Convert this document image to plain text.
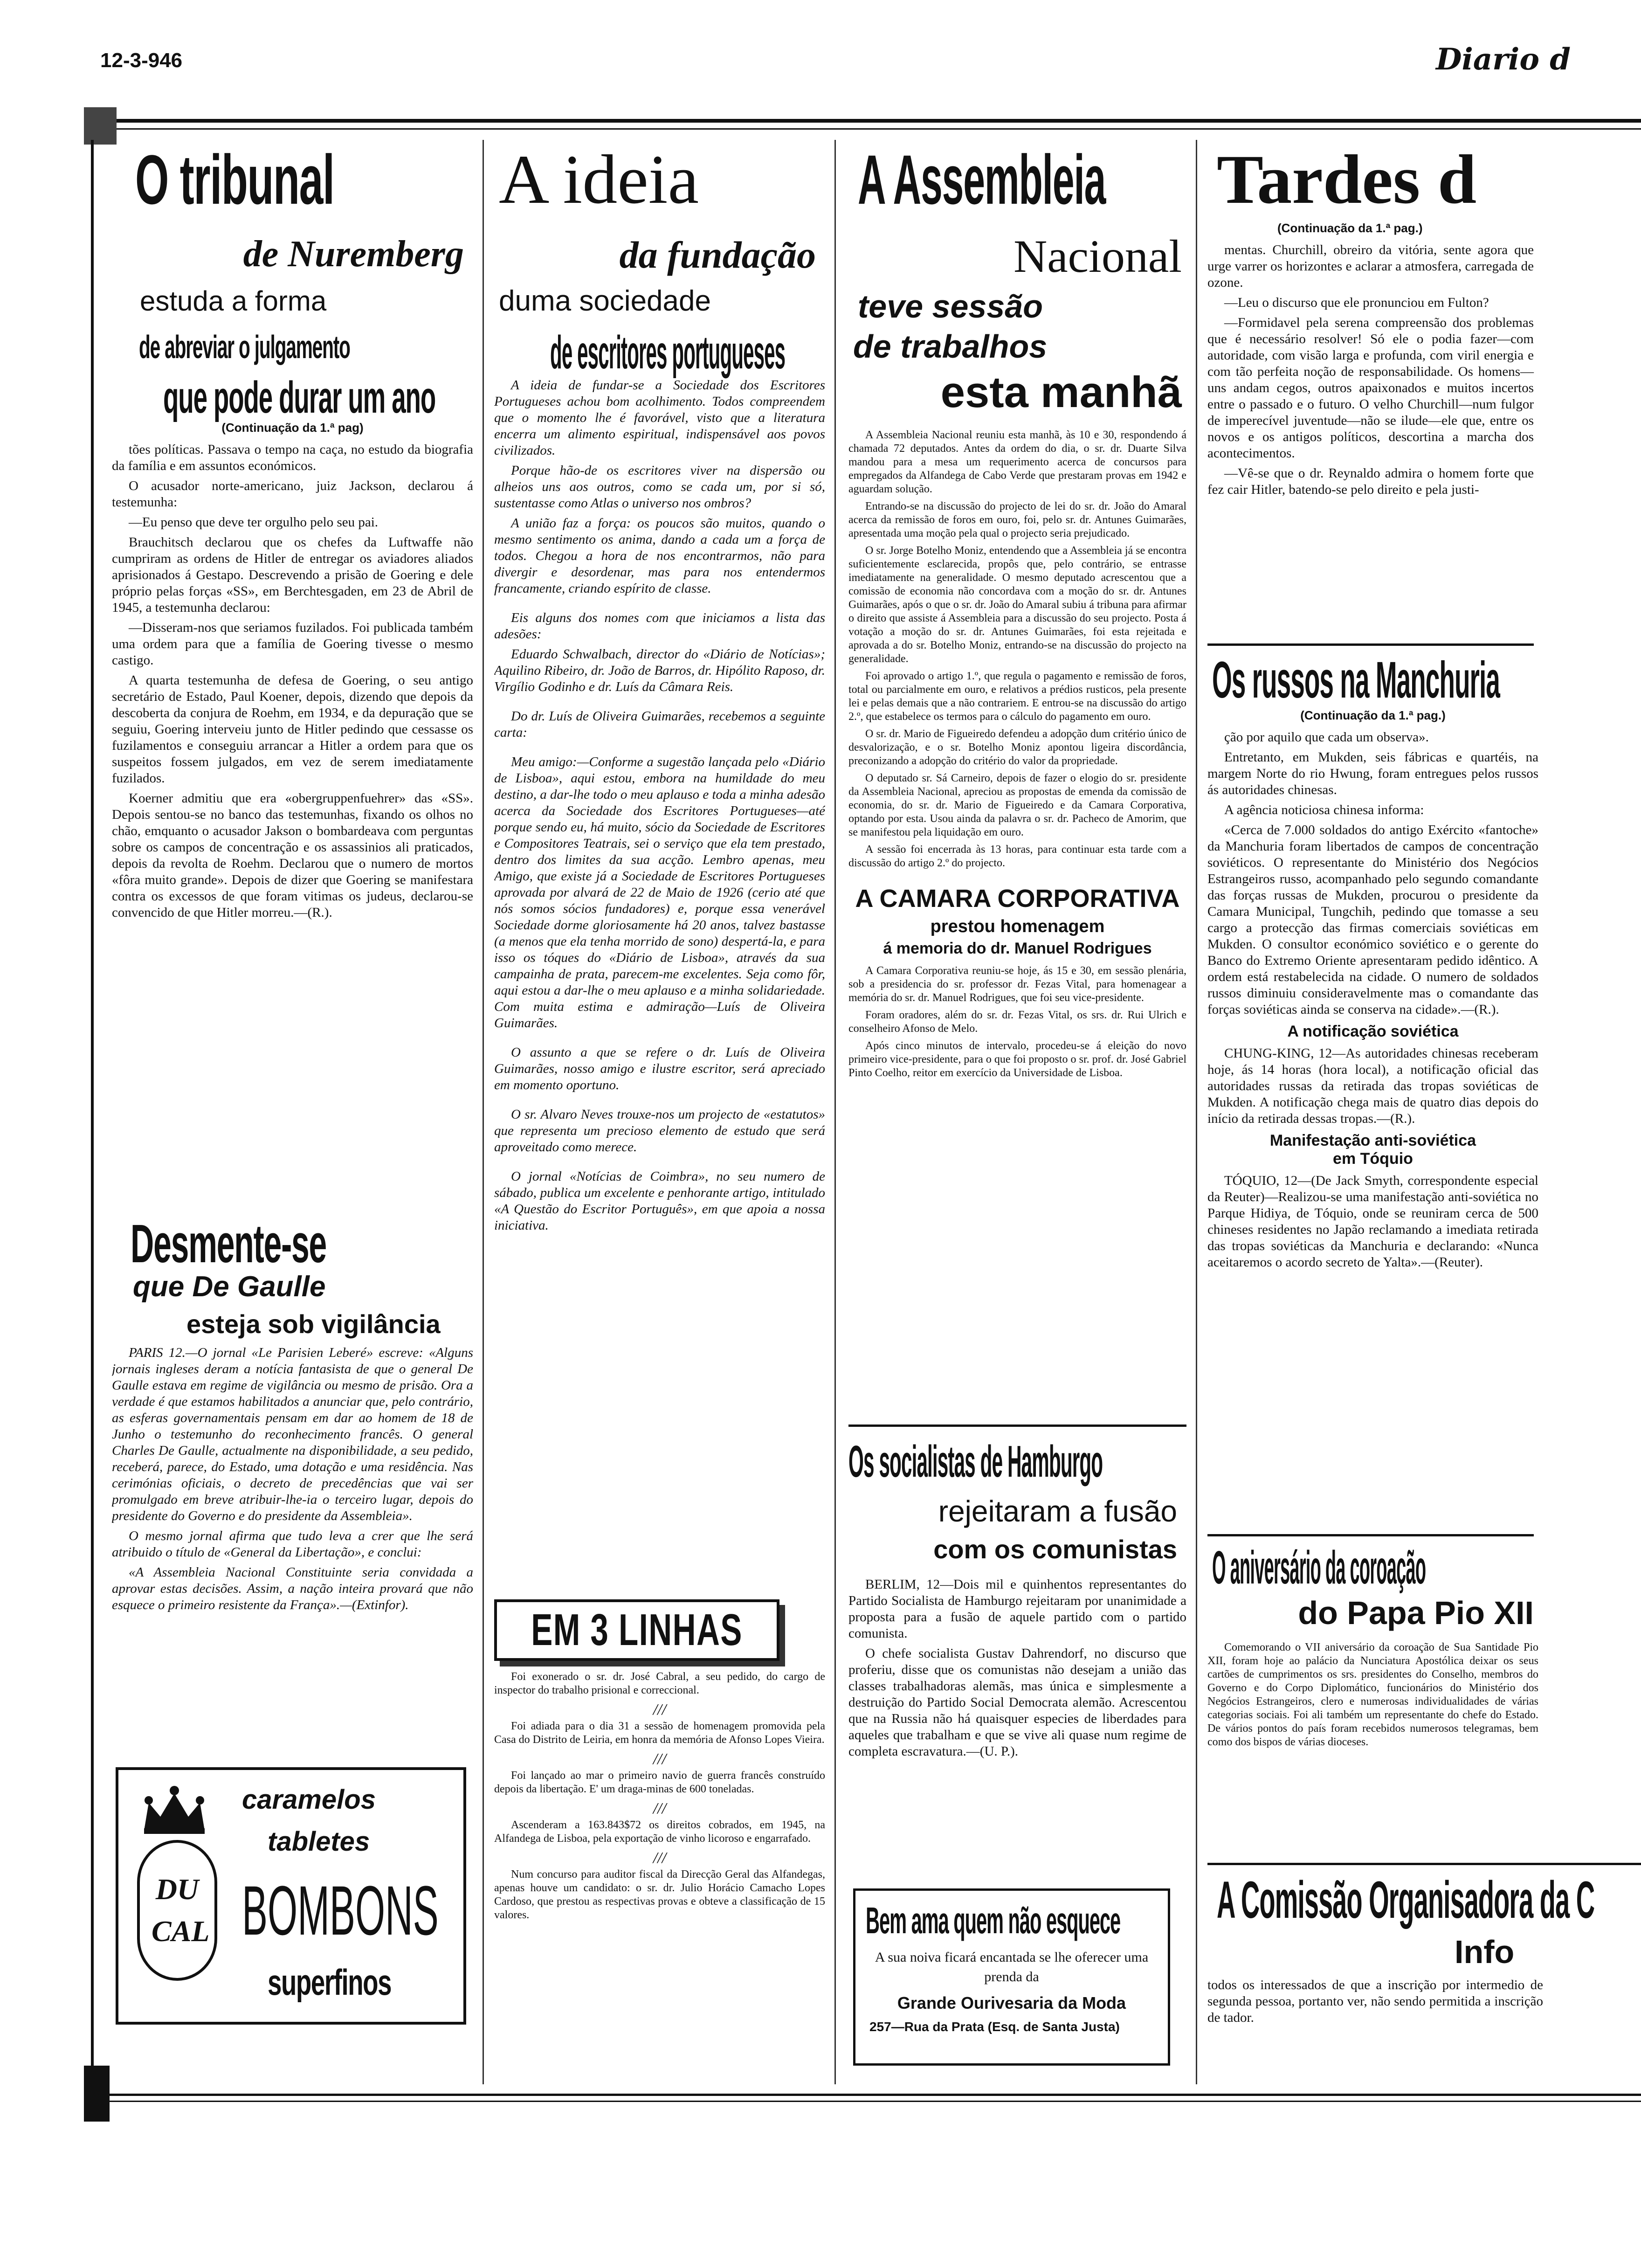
12-3-946	Diario d
O tribunal
de Nuremberg
estuda a forma
de abreviar o julgamento
que pode durar um ano
(Continuação da 1.ª pag)

tões políticas. Passava o tempo na caça, no estudo da biografia da família e em assuntos económicos.

O acusador norte-americano, juiz Jackson, declarou á testemunha:

—Eu penso que deve ter orgulho pelo seu pai.

Brauchitsch declarou que os chefes da Luftwaffe não cumpriram as ordens de Hitler de entregar os aviadores aliados aprisionados á Gestapo. Descrevendo a prisão de Goering e dele próprio pelas forças «SS», em Berchtesgaden, em 23 de Abril de 1945, a testemunha declarou:

—Disseram-nos que seriamos fuzilados. Foi publicada também uma ordem para que a família de Goering tivesse o mesmo castigo.

A quarta testemunha de defesa de Goering, o seu antigo secretário de Estado, Paul Koener, depois, dizendo que depois da descoberta da conjura de Roehm, em 1934, e da depuração que se seguiu, Goering interveiu junto de Hitler pedindo que cessasse os fuzilamentos e conseguiu arrancar a Hitler a ordem para que os suspeitos fossem julgados, em vez de serem imediatamente fuzilados.

Koerner admitiu que era «obergruppenfuehrer» das «SS». Depois sentou-se no banco das testemunhas, fixando os olhos no chão, emquanto o acusador Jakson o bombardeava com perguntas sobre os campos de concentração e os assassinios ali praticados, depois da revolta de Roehm. Declarou que o numero de mortos «fôra muito grande». Depois de dizer que Goering se manifestara contra os excessos de que foram vitimas os judeus, declarou-se convencido de que Hitler morreu.—(R.).

Desmente-se
que De Gaulle
esteja sob vigilância

PARIS 12.—O jornal «Le Parisien Leberé» escreve: «Alguns jornais ingleses deram a notícia fantasista de que o general De Gaulle estava em regime de vigilância ou mesmo de prisão. Ora a verdade é que estamos habilitados a anunciar que, pelo contrário, as esferas governamentais pensam em dar ao homem de 18 de Junho o testemunho do reconhecimento francês. O general Charles De Gaulle, actualmente na disponibilidade, a seu pedido, receberá, parece, do Estado, uma dotação e uma residência. Nas cerimónias oficiais, o decreto de precedências que vai ser promulgado em breve atribuir-lhe-ia o terceiro lugar, depois do presidente do Governo e do presidente da Assembleia».

O mesmo jornal afirma que tudo leva a crer que lhe será atribuido o título de «General da Libertação», e conclui:

«A Assembleia Nacional Constituinte seria convidada a aprovar estas decisões. Assim, a nação inteira provará que não esquece o primeiro resistente da França».—(Extinfor).

DU CAL
caramelos
tabletes
BOMBONS
superfinos
A ideia
da fundação
duma sociedade
de escritores portugueses

A ideia de fundar-se a Sociedade dos Escritores Portugueses achou bom acolhimento. Todos compreendem que o momento lhe é favorável, visto que a literatura encerra um alimento espiritual, indispensável aos povos civilizados.

Porque hão-de os escritores viver na dispersão ou alheios uns aos outros, como se cada um, por si só, sustentasse como Atlas o universo nos ombros?

A união faz a força: os poucos são muitos, quando o mesmo sentimento os anima, dando a cada um a força de todos. Chegou a hora de nos encontrarmos, não para divergir e desordenar, mas para nos entendermos francamente, criando espírito de classe.

Eis alguns dos nomes com que iniciamos a lista das adesões:

Eduardo Schwalbach, director do «Diário de Notícias»; Aquilino Ribeiro, dr. João de Barros, dr. Hipólito Raposo, dr. Virgílio Godinho e dr. Luís da Câmara Reis.

Do dr. Luís de Oliveira Guimarães, recebemos a seguinte carta:

Meu amigo:—Conforme a sugestão lançada pelo «Diário de Lisboa», aqui estou, embora na humildade do meu destino, a dar-lhe todo o meu aplauso e toda a minha adesão acerca da Sociedade dos Escritores Portugueses—até porque sendo eu, há muito, sócio da Sociedade de Escritores e Compositores Teatrais, sei o serviço que ela tem prestado, dentro dos limites da sua acção. Lembro apenas, meu Amigo, que existe já a Sociedade de Escritores Portugueses aprovada por alvará de 22 de Maio de 1926 (cerio até que nós somos sócios fundadores) e, porque essa venerável Sociedade dorme gloriosamente há 20 anos, talvez bastasse (a menos que ela tenha morrido de sono) despertá-la, e para isso os tóques do «Diário de Lisboa», através da sua campainha de prata, parecem-me excelentes. Seja como fôr, aqui estou a dar-lhe o meu aplauso e a minha solidariedade. Com muita estima e admiração—Luís de Oliveira Guimarães.

O assunto a que se refere o dr. Luís de Oliveira Guimarães, nosso amigo e ilustre escritor, será apreciado em momento oportuno.

O sr. Alvaro Neves trouxe-nos um projecto de «estatutos» que representa um precioso elemento de estudo que será aproveitado como merece.

O jornal «Notícias de Coimbra», no seu numero de sábado, publica um excelente e penhorante artigo, intitulado «A Questão do Escritor Português», em que apoia a nossa iniciativa.

EM 3 LINHAS

Foi exonerado o sr. dr. José Cabral, a seu pedido, do cargo de inspector do trabalho prisional e correccional.

///

Foi adiada para o dia 31 a sessão de homenagem promovida pela Casa do Distrito de Leiria, em honra da memória de Afonso Lopes Vieira.

///

Foi lançado ao mar o primeiro navio de guerra francês construído depois da libertação. E' um draga-minas de 600 toneladas.

///

Ascenderam a 163.843$72 os direitos cobrados, em 1945, na Alfandega de Lisboa, pela exportação de vinho licoroso e engarrafado.

///

Num concurso para auditor fiscal da Direcção Geral das Alfandegas, apenas houve um candidato: o sr. dr. Julio Horácio Camacho Lopes Cardoso, que prestou as respectivas provas e obteve a classificação de 15 valores.

A Assembleia
Nacional
teve sessão
de trabalhos
esta manhã

A Assembleia Nacional reuniu esta manhã, às 10 e 30, respondendo á chamada 72 deputados. Antes da ordem do dia, o sr. dr. Duarte Silva mandou para a mesa um requerimento acerca de concursos para empregados da Alfandega de Cabo Verde que prestaram provas em 1942 e aguardam solução.

Entrando-se na discussão do projecto de lei do sr. dr. João do Amaral acerca da remissão de foros em ouro, foi, pelo sr. dr. Antunes Guimarães, apresentada uma moção pela qual o projecto seria prejudicado.

O sr. Jorge Botelho Moniz, entendendo que a Assembleia já se encontra suficientemente esclarecida, propôs que, pelo contrário, se entrasse imediatamente na generalidade. O mesmo deputado acrescentou que a comissão de economia não concordava com a moção do sr. dr. Antunes Guimarães, após o que o sr. dr. João do Amaral subiu á tribuna para afirmar o direito que assiste á Assembleia para a discussão do seu projecto. Posta á votação a moção do sr. dr. Antunes Guimarães, foi esta rejeitada e aprovada a do sr. Botelho Moniz, entrando-se na discussão do projecto na generalidade.

Foi aprovado o artigo 1.º, que regula o pagamento e remissão de foros, total ou parcialmente em ouro, e relativos a prédios rusticos, pela presente lei e pelas demais que a não contrariem. E entrou-se na discussão do artigo 2.º, que estabelece os termos para o cálculo do pagamento em ouro.

O sr. dr. Mario de Figueiredo defendeu a adopção dum critério único de desvalorização, e o sr. Botelho Moniz apontou ligeira discordância, preconizando a adopção do critério do valor da propriedade.

O deputado sr. Sá Carneiro, depois de fazer o elogio do sr. presidente da Assembleia Nacional, apreciou as propostas de emenda da comissão de economia, do sr. dr. Mario de Figueiredo e da Camara Corporativa, optando por esta. Usou ainda da palavra o sr. dr. Pacheco de Amorim, que se manifestou pela liquidação em ouro.

A sessão foi encerrada às 13 horas, para continuar esta tarde com a discussão do artigo 2.º do projecto.

A CAMARA CORPORATIVA
prestou homenagem
á memoria do dr. Manuel Rodrigues

A Camara Corporativa reuniu-se hoje, ás 15 e 30, em sessão plenária, sob a presidencia do sr. professor dr. Fezas Vital, para homenagear a memória do sr. dr. Manuel Rodrigues, que foi seu vice-presidente.

Foram oradores, além do sr. dr. Fezas Vital, os srs. dr. Rui Ulrich e conselheiro Afonso de Melo.

Após cinco minutos de intervalo, procedeu-se á eleição do novo primeiro vice-presidente, para o que foi proposto o sr. prof. dr. José Gabriel Pinto Coelho, reitor em exercício da Universidade de Lisboa.

Os socialistas de Hamburgo
rejeitaram a fusão
com os comunistas

BERLIM, 12—Dois mil e quinhentos representantes do Partido Socialista de Hamburgo rejeitaram por unanimidade a proposta para a fusão de aquele partido com o partido comunista.

O chefe socialista Gustav Dahrendorf, no discurso que proferiu, disse que os comunistas não desejam a união das classes trabalhadoras alemãs, mas única e simplesmente a destruição do Partido Social Democrata alemão. Acrescentou que na Russia não há quaisquer especies de liberdades para aqueles que trabalham e que se vive ali quase num regime de completa escravatura.—(U. P.).

Bem ama quem não esquece
A sua noiva ficará encantada se lhe oferecer uma prenda da
Grande Ourivesaria da Moda
257—Rua da Prata (Esq. de Santa Justa)
Tardes d
(Continuação da 1.ª pag.)

mentas. Churchill, obreiro da vitória, sente agora que urge varrer os horizontes e aclarar a atmosfera, carregada de ozone.

—Leu o discurso que ele pronunciou em Fulton?

—Formidavel pela serena compreensão dos problemas que é necessário resolver! Só ele o podia fazer—com autoridade, com visão larga e profunda, com viril energia e com tão perfeita noção de responsabilidade. Os homens—uns andam cegos, outros apaixonados e muitos incertos entre o passado e o futuro. O velho Churchill—num fulgor de imperecível juventude—não se ilude—ele que, entre os novos e os antigos políticos, descortina a marcha dos acontecimentos.

—Vê-se que o dr. Reynaldo admira o homem forte que fez cair Hitler, batendo-se pelo direito e pela justi-

Os russos na Manchuria
(Continuação da 1.ª pag.)

ção por aquilo que cada um observa».

Entretanto, em Mukden, seis fábricas e quartéis, na margem Norte do rio Hwung, foram entregues pelos russos ás autoridades chinesas.

A agência noticiosa chinesa informa:

«Cerca de 7.000 soldados do antigo Exército «fantoche» da Manchuria foram libertados de campos de concentração soviéticos. O representante do Ministério dos Negócios Estrangeiros russo, acompanhado pelo segundo comandante das forças russas de Mukden, procurou o presidente da Camara Municipal, Tungchih, pedindo que tomasse a seu cargo a protecção das firmas comerciais soviéticas em Mukden. O consultor económico soviético e o gerente do Banco do Extremo Oriente apresentaram pedido idêntico. A ordem está restabelecida na cidade. O numero de soldados russos diminuiu consideravelmente mas o comandante das forças soviéticas ainda se conserva na cidade».—(R.).

A notificação soviética

CHUNG-KING, 12—As autoridades chinesas receberam hoje, ás 14 horas (hora local), a notificação oficial das autoridades russas da retirada das tropas soviéticas de Mukden. A notificação chega mais de quatro dias depois do início da retirada dessas tropas.—(R.).

Manifestação anti-soviética
em Tóquio

TÓQUIO, 12—(De Jack Smyth, correspondente especial da Reuter)—Realizou-se uma manifestação anti-soviética no Parque Hidiya, de Tóquio, onde se reuniram cerca de 500 chineses residentes no Japão reclamando a imediata retirada das tropas soviéticas da Manchuria e declarando: «Nunca aceitaremos o acordo secreto de Yalta».—(Reuter).

O aniversário da coroação
do Papa Pio XII

Comemorando o VII aniversário da coroação de Sua Santidade Pio XII, foram hoje ao palácio da Nunciatura Apostólica deixar os seus cartões de cumprimentos os srs. presidentes do Conselho, membros do Governo e do Corpo Diplomático, funcionários do Ministério dos Negócios Estrangeiros, clero e numerosas individualidades de várias categorias sociais. Foi ali também um representante do chefe do Estado. De vários pontos do país foram recebidos numerosos telegramas, bem como dos bispos de várias dioceses.

A Comissão Organisadora da C
Info

todos os interessados de que a inscrição por intermedio de segunda pessoa, portanto ver, não sendo permitida a inscrição de tador.
